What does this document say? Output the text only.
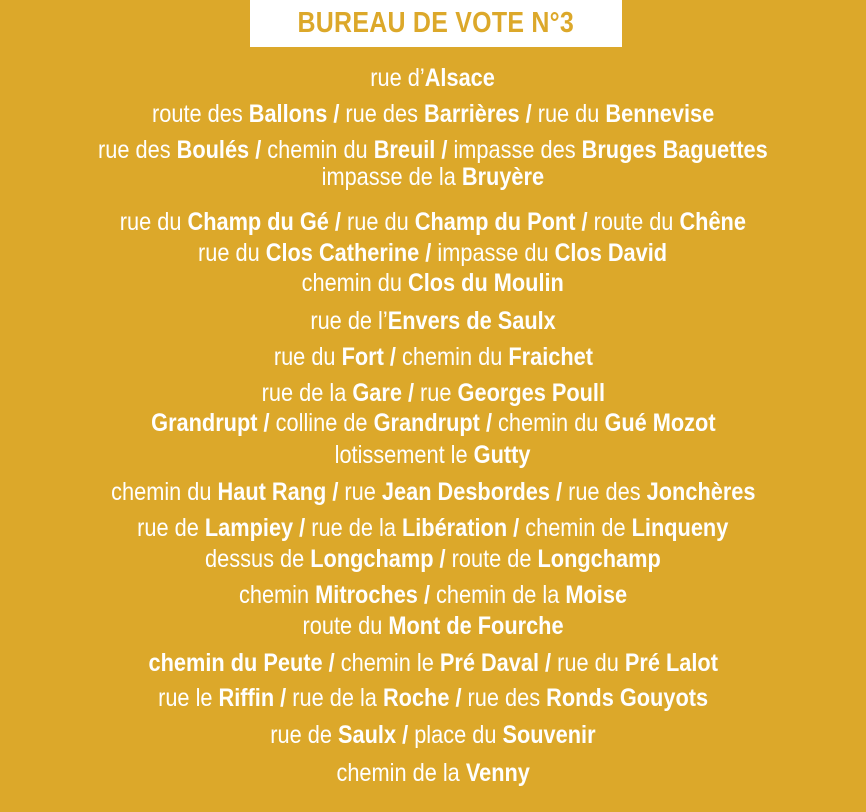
BUREAU DE VOTE N°3
rue d’Alsace
route des Ballons / rue des Barrières / rue du Bennevise
rue des Boulés / chemin du Breuil / impasse des Bruges Baguettes
impasse de la Bruyère
rue du Champ du Gé / rue du Champ du Pont / route du Chêne
rue du Clos Catherine / impasse du Clos David
chemin du Clos du Moulin
rue de l’Envers de Saulx
rue du Fort / chemin du Fraichet
rue de la Gare / rue Georges Poull
Grandrupt / colline de Grandrupt / chemin du Gué Mozot
lotissement le Gutty
chemin du Haut Rang / rue Jean Desbordes / rue des Jonchères
rue de Lampiey / rue de la Libération / chemin de Linqueny
dessus de Longchamp / route de Longchamp
chemin Mitroches / chemin de la Moise
route du Mont de Fourche
chemin du Peute / chemin le Pré Daval / rue du Pré Lalot
rue le Riffin / rue de la Roche / rue des Ronds Gouyots
rue de Saulx / place du Souvenir
chemin de la Venny
